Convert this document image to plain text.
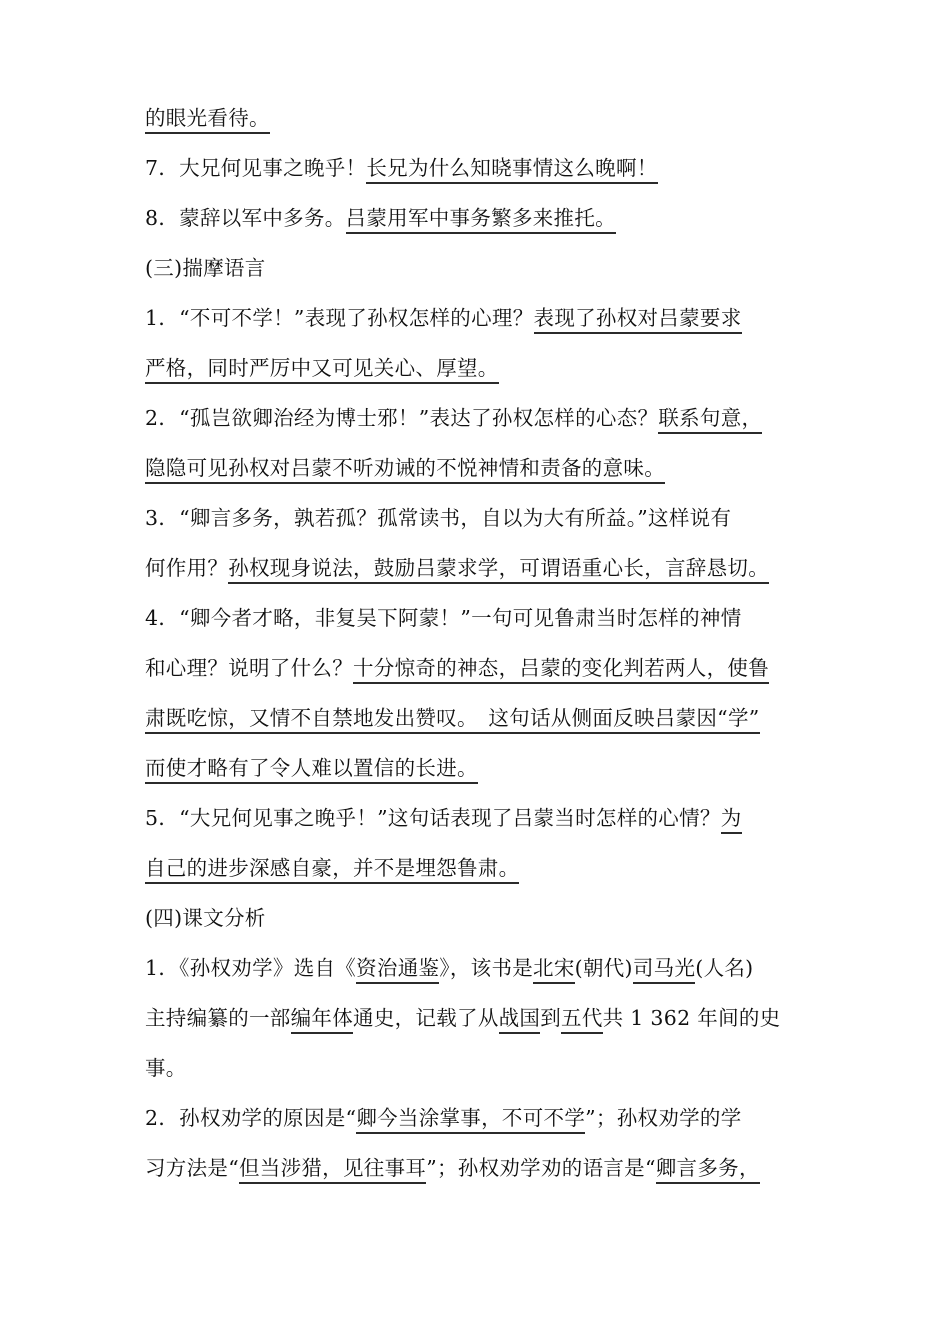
的眼光看待。
7．大兄何见事之晚乎！长兄为什么知晓事情这么晚啊！
8．蒙辞以军中多务。吕蒙用军中事务繁多来推托。
(三)揣摩语言
1．“不可不学！”表现了孙权怎样的心理？表现了孙权对吕蒙要求
严格，同时严厉中又可见关心、厚望。
2．“孤岂欲卿治经为博士邪！”表达了孙权怎样的心态？联系句意，
隐隐可见孙权对吕蒙不听劝诫的不悦神情和责备的意味。
3．“卿言多务，孰若孤？孤常读书，自以为大有所益。”这样说有
何作用？孙权现身说法，鼓励吕蒙求学，可谓语重心长，言辞恳切。
4．“卿今者才略，非复吴下阿蒙！”一句可见鲁肃当时怎样的神情
和心理？说明了什么？十分惊奇的神态，吕蒙的变化判若两人，使鲁
肃既吃惊，又情不自禁地发出赞叹。　 这句话从侧面反映吕蒙因“学”
而使才略有了令人难以置信的长进。
5．“大兄何见事之晚乎！”这句话表现了吕蒙当时怎样的心情？为
自己的进步深感自豪，并不是埋怨鲁肃。
(四)课文分析
1．《孙权劝学》选自《资治通鉴》，该书是北宋(朝代)司马光(人名)
主持编纂的一部编年体通史，记载了从战国到五代共 1 362 年间的史
事。
2．孙权劝学的原因是“卿今当涂掌事，不可不学”；孙权劝学的学
习方法是“但当涉猎，见往事耳”；孙权劝学劝的语言是“卿言多务，
